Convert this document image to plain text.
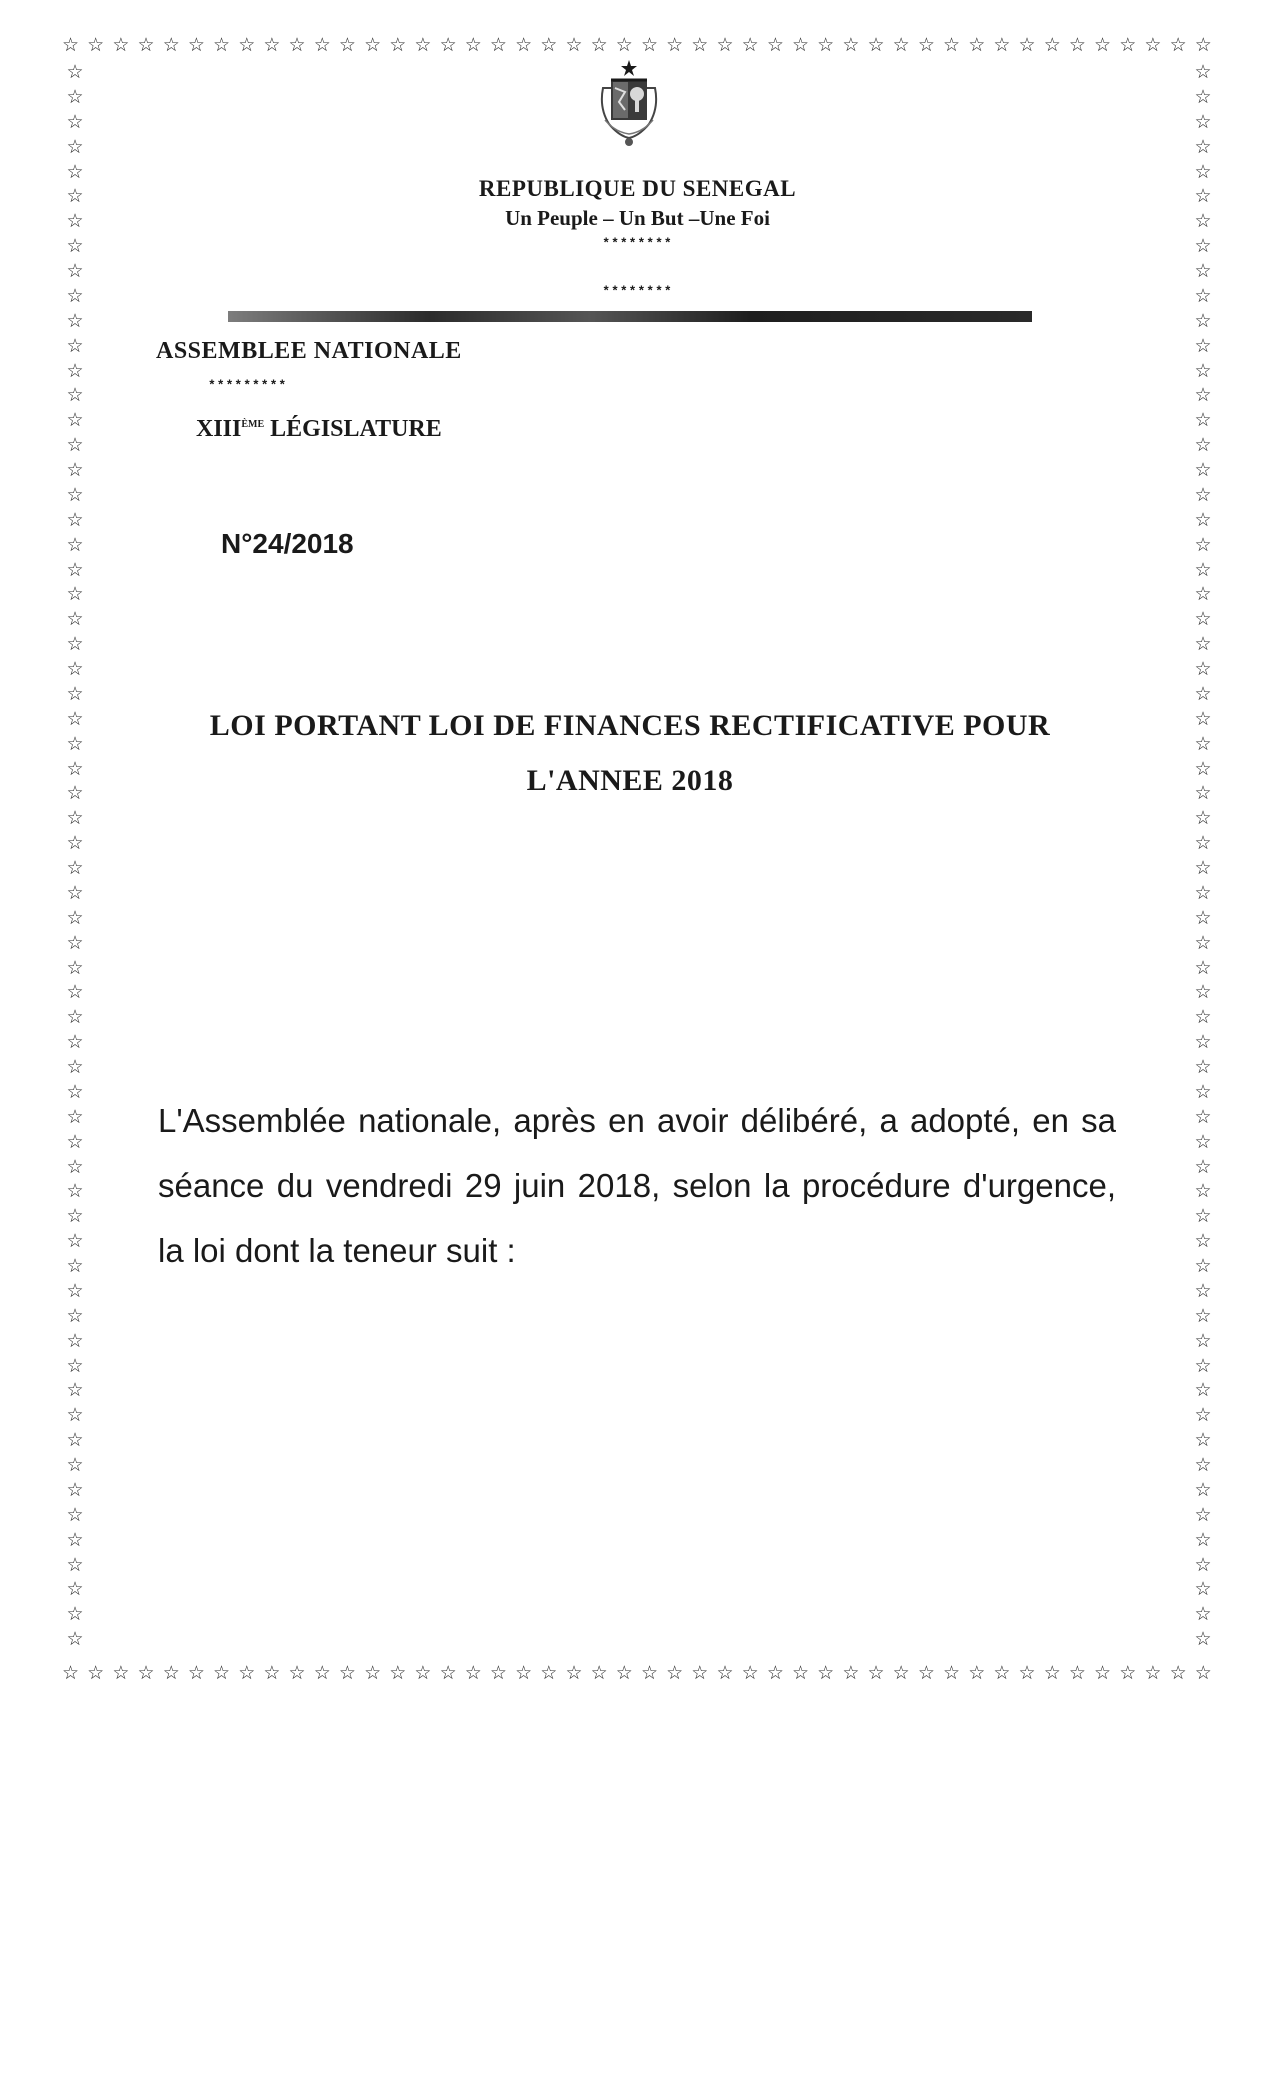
☆ ☆ ☆ ☆ ☆ ☆ ☆ ☆ ☆ ☆ ☆ ☆ ☆ ☆ ☆ ☆ ☆ ☆ ☆ ☆ ☆ ☆ ☆ ☆ ☆ ☆ ☆ ☆ ☆ ☆ ☆ ☆ ☆ ☆ ☆ ☆ ☆ ☆ ☆ ☆ ☆ ☆ ☆ ☆ ☆ ☆
☆ ☆ ☆ ☆ ☆ ☆ ☆ ☆ ☆ ☆ ☆ ☆ ☆ ☆ ☆ ☆ ☆ ☆ ☆ ☆ ☆ ☆ ☆ ☆ ☆ ☆ ☆ ☆ ☆ ☆ ☆ ☆ ☆ ☆ ☆ ☆ ☆ ☆ ☆ ☆ ☆ ☆ ☆ ☆ ☆ ☆
☆
☆
☆
☆
☆
☆
☆
☆
☆
☆
☆
☆
☆
☆
☆
☆
☆
☆
☆
☆
☆
☆
☆
☆
☆
☆
☆
☆
☆
☆
☆
☆
☆
☆
☆
☆
☆
☆
☆
☆
☆
☆
☆
☆
☆
☆
☆
☆
☆
☆
☆
☆
☆
☆
☆
☆
☆
☆
☆
☆
☆
☆
☆
☆
☆
☆
☆
☆
☆
☆
☆
☆
☆
☆
☆
☆
☆
☆
☆
☆
☆
☆
☆
☆
☆
☆
☆
☆
☆
☆
☆
☆
☆
☆
☆
☆
☆
☆
☆
☆
☆
☆
☆
☆
☆
☆
☆
☆
☆
☆
☆
☆
☆
☆
☆
☆
☆
☆
☆
☆
☆
☆
☆
☆
☆
☆
☆
☆
REPUBLIQUE DU SENEGAL
Un Peuple – Un But –Une Foi
********
********
ASSEMBLEE NATIONALE
*********
XIIIÈME LÉGISLATURE
N°24/2018
LOI PORTANT LOI DE FINANCES RECTIFICATIVE POUR
L'ANNEE 2018
L'Assemblée nationale, après en avoir délibéré, a adopté, en sa séance du vendredi 29 juin 2018, selon la procédure d'urgence, la loi dont la teneur suit :
